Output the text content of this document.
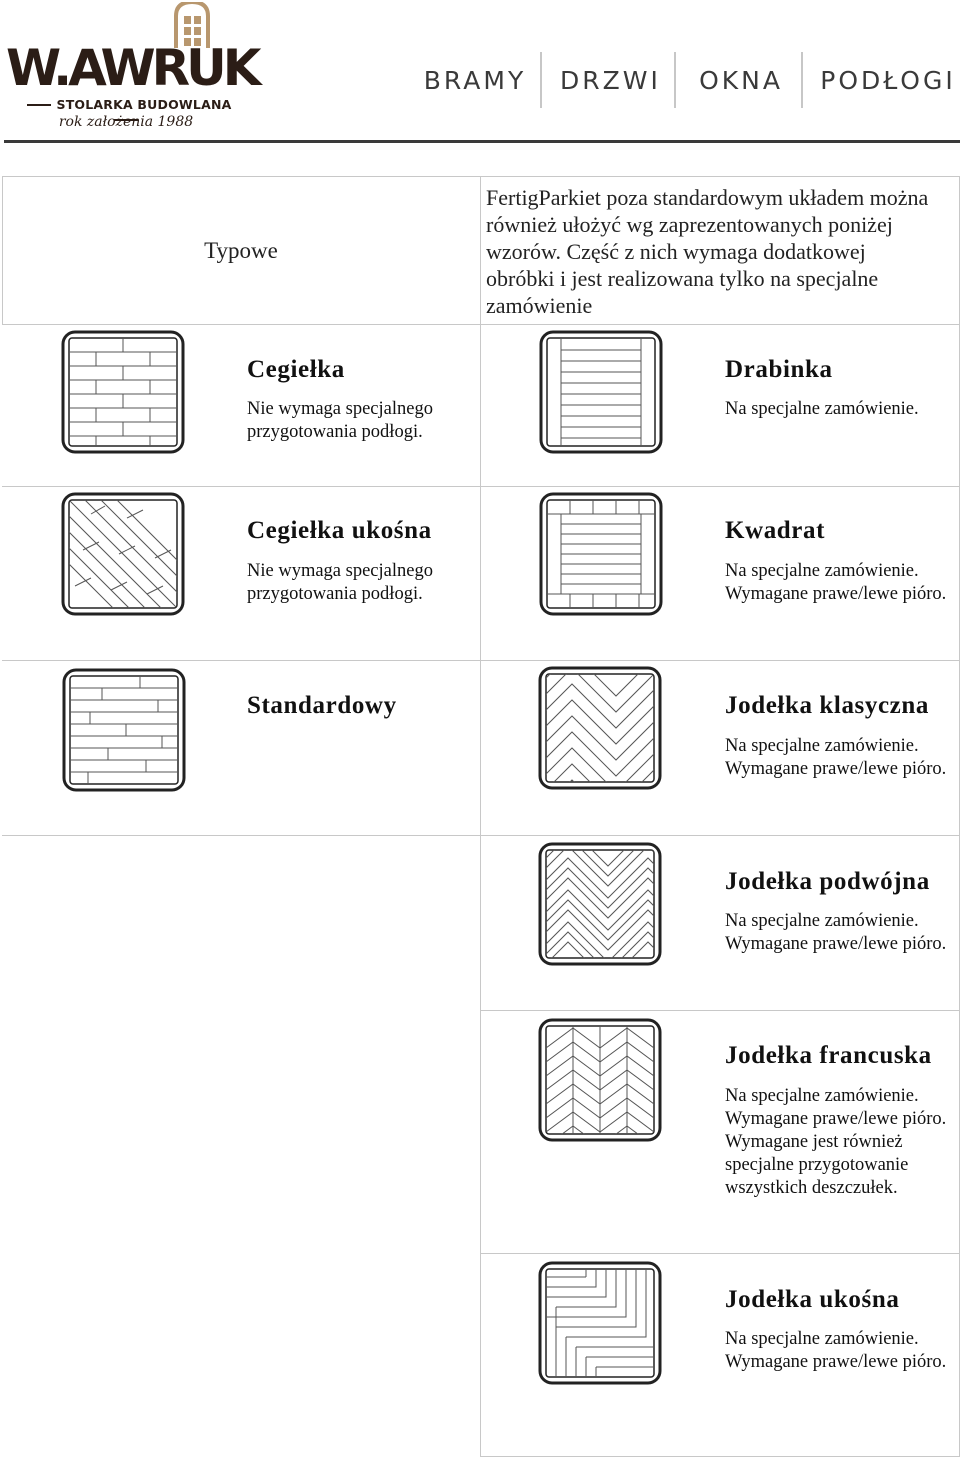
W.AWRUK
STOLARKA BUDOWLANA
rok założenia 1988
BRAMY DRZWI OKNA PODŁOGI
Typowe
FertigParkiet poza standardowym układem można również ułożyć wg zaprezentowanych poniżej wzorów. Część z nich wymaga dodatkowej obróbki i jest realizowana tylko na specjalne zamówienie
Cegiełka
Nie wymaga specjalnego przygotowania podłogi.
Drabinka
Na specjalne zamówienie.
Cegiełka ukośna
Nie wymaga specjalnego przygotowania podłogi.
Kwadrat
Na specjalne zamówienie. Wymagane prawe/lewe pióro.
Standardowy	Jodełka klasyczna
Na specjalne zamówienie. Wymagane prawe/lewe pióro.
Jodełka podwójna
Na specjalne zamówienie. Wymagane prawe/lewe pióro.
Jodełka francuska
Na specjalne zamówienie. Wymagane prawe/lewe pióro. Wymagane jest również specjalne przygotowanie wszystkich deszczułek.
Jodełka ukośna
Na specjalne zamówienie. Wymagane prawe/lewe pióro.
